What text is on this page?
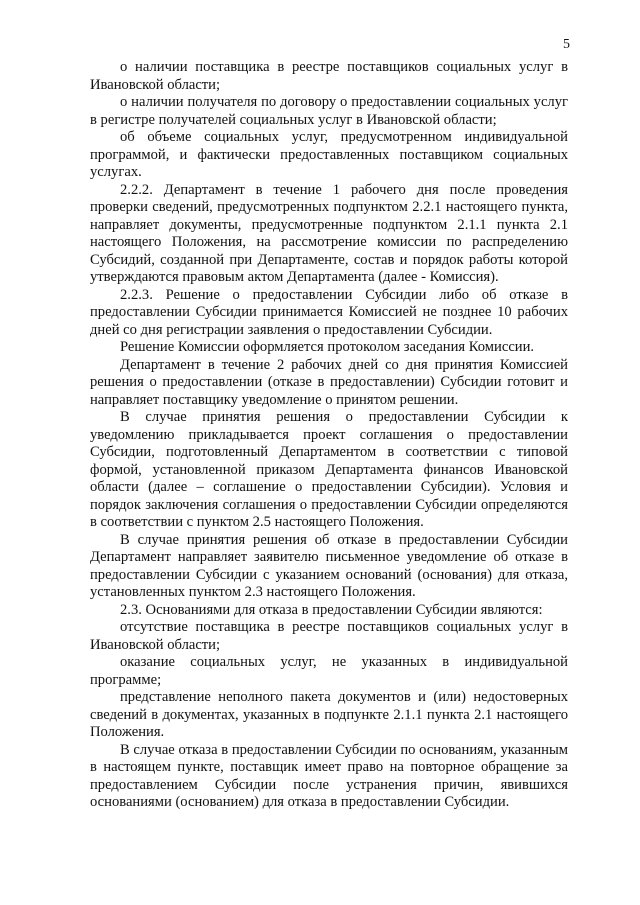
5

о наличии поставщика в реестре поставщиков социальных услуг в Ивановской области;

о наличии получателя по договору о предоставлении социальных услуг в регистре получателей социальных услуг в Ивановской области;

об объеме социальных услуг, предусмотренном индивидуальной программой, и фактически предоставленных поставщиком социальных услугах.

2.2.2. Департамент в течение 1 рабочего дня после проведения проверки сведений, предусмотренных подпунктом 2.2.1 настоящего пункта, направляет документы, предусмотренные подпунктом 2.1.1 пункта 2.1 настоящего Положения, на рассмотрение комиссии по распределению Субсидий, созданной при Департаменте, состав и порядок работы которой утверждаются правовым актом Департамента (далее - Комиссия).

2.2.3. Решение о предоставлении Субсидии либо об отказе в предоставлении Субсидии принимается Комиссией не позднее 10 рабочих дней со дня регистрации заявления о предоставлении Субсидии.

Решение Комиссии оформляется протоколом заседания Комиссии.

Департамент в течение 2 рабочих дней со дня принятия Комиссией решения о предоставлении (отказе в предоставлении) Субсидии готовит и направляет поставщику уведомление о принятом решении.

В случае принятия решения о предоставлении Субсидии к уведомлению прикладывается проект соглашения о предоставлении Субсидии, подготовленный Департаментом в соответствии с типовой формой, установленной приказом Департамента финансов Ивановской области (далее – соглашение о предоставлении Субсидии). Условия и порядок заключения соглашения о предоставлении Субсидии определяются в соответствии с пунктом 2.5 настоящего Положения.

В случае принятия решения об отказе в предоставлении Субсидии Департамент направляет заявителю письменное уведомление об отказе в предоставлении Субсидии с указанием оснований (основания) для отказа, установленных пунктом 2.3 настоящего Положения.

2.3. Основаниями для отказа в предоставлении Субсидии являются:

отсутствие поставщика в реестре поставщиков социальных услуг в Ивановской области;

оказание социальных услуг, не указанных в индивидуальной программе;

представление неполного пакета документов и (или) недостоверных сведений в документах, указанных в подпункте 2.1.1 пункта 2.1 настоящего Положения.

В случае отказа в предоставлении Субсидии по основаниям, указанным в настоящем пункте, поставщик имеет право на повторное обращение за предоставлением Субсидии после устранения причин, явившихся основаниями (основанием) для отказа в предоставлении Субсидии.
